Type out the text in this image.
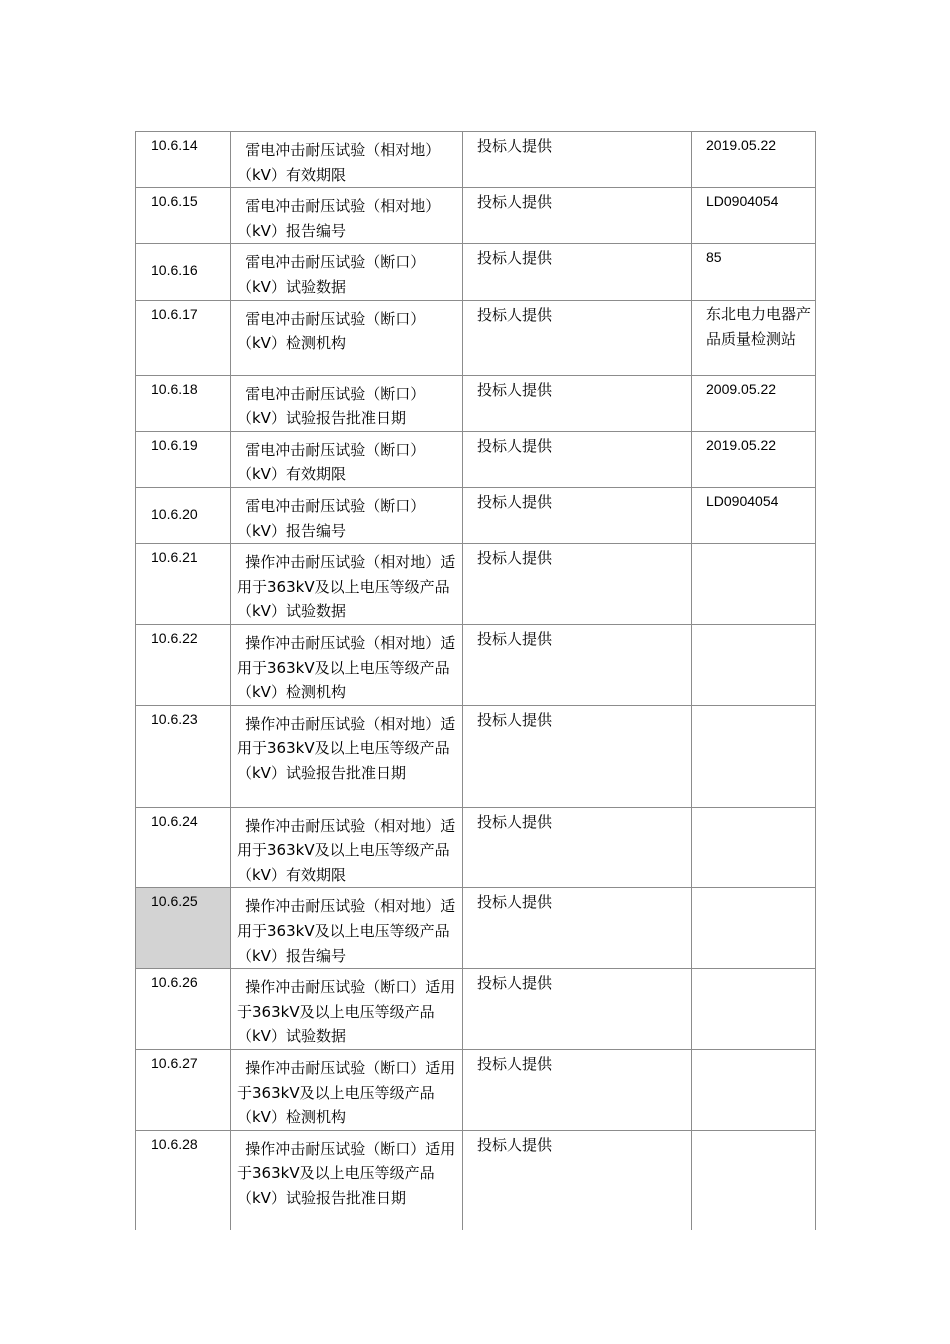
10.6.14	雷电冲击耐压试验（相对地）（kV）有效期限	投标人提供	2019.05.22

10.6.15	雷电冲击耐压试验（相对地）（kV）报告编号	投标人提供	LD0904054

10.6.16	雷电冲击耐压试验（断口）（kV）试验数据	投标人提供	85

10.6.17	雷电冲击耐压试验（断口）（kV）检测机构	投标人提供	东北电力电器产品质量检测站

10.6.18	雷电冲击耐压试验（断口）（kV）试验报告批准日期	投标人提供	2009.05.22

10.6.19	雷电冲击耐压试验（断口）（kV）有效期限	投标人提供	2019.05.22

10.6.20	雷电冲击耐压试验（断口）（kV）报告编号	投标人提供	LD0904054

10.6.21	操作冲击耐压试验（相对地）适用于363kV及以上电压等级产品（kV）试验数据	投标人提供	

10.6.22	操作冲击耐压试验（相对地）适用于363kV及以上电压等级产品（kV）检测机构	投标人提供	

10.6.23	操作冲击耐压试验（相对地）适用于363kV及以上电压等级产品（kV）试验报告批准日期	投标人提供	

10.6.24	操作冲击耐压试验（相对地）适用于363kV及以上电压等级产品（kV）有效期限	投标人提供	

10.6.25	操作冲击耐压试验（相对地）适用于363kV及以上电压等级产品（kV）报告编号	投标人提供	

10.6.26	操作冲击耐压试验（断口）适用于363kV及以上电压等级产品（kV）试验数据	投标人提供	

10.6.27	操作冲击耐压试验（断口）适用于363kV及以上电压等级产品（kV）检测机构	投标人提供	

10.6.28	操作冲击耐压试验（断口）适用于363kV及以上电压等级产品（kV）试验报告批准日期	投标人提供	
